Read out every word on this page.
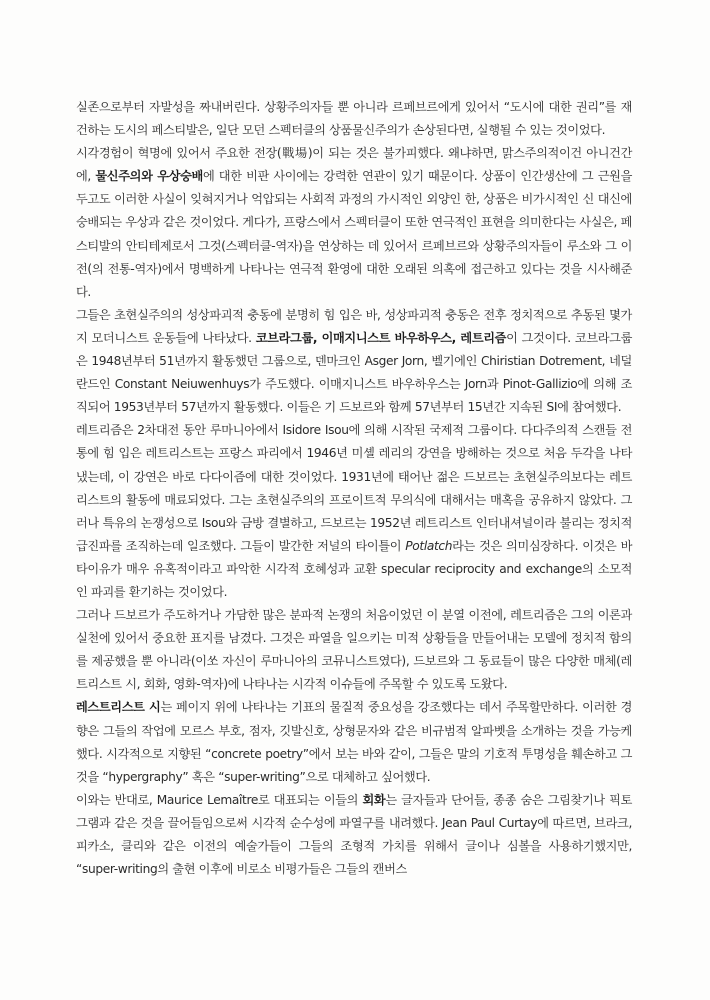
실존으로부터 자발성을 짜내버린다. 상황주의자들 뿐 아니라 르페브르에게 있어서 “도시에 대한 권리”를 재건하는 도시의 페스티발은, 일단 모던 스펙터클의 상품물신주의가 손상된다면, 실행될 수 있는 것이었다.

시각경험이 혁명에 있어서 주요한 전장(戰場)이 되는 것은 불가피했다. 왜냐하면, 맑스주의적이건 아니건간에, 물신주의와 우상숭배에 대한 비판 사이에는 강력한 연관이 있기 때문이다. 상품이 인간생산에 그 근원을 두고도 이러한 사실이 잊혀지거나 억압되는 사회적 과정의 가시적인 외양인 한, 상품은 비가시적인 신 대신에 숭배되는 우상과 같은 것이었다. 게다가, 프랑스에서 스펙터클이 또한 연극적인 표현을 의미한다는 사실은, 페스티발의 안티테제로서 그것(스펙터클-역자)을 연상하는 데 있어서 르페브르와 상황주의자들이 루소와 그 이전(의 전통-역자)에서 명백하게 나타나는 연극적 환영에 대한 오래된 의혹에 접근하고 있다는 것을 시사해준다.

그들은 초현실주의의 성상파괴적 충동에 분명히 힘 입은 바, 성상파괴적 충동은 전후 정치적으로 추동된 몇가지 모더니스트 운동들에 나타났다. 코브라그룹, 이매지니스트 바우하우스, 레트리즘이 그것이다. 코브라그룹은 1948년부터 51년까지 활동했던 그룹으로, 덴마크인 Asger Jorn, 벨기에인 Chiristian Dotrement, 네덜란드인 Constant Neiuwenhuys가 주도했다. 이매지니스트 바우하우스는 Jorn과 Pinot-Gallizio에 의해 조직되어 1953년부터 57년까지 활동했다. 이들은 기 드보르와 함께 57년부터 15년간 지속된 SI에 참여했다.

레트리즘은 2차대전 동안 루마니아에서 Isidore Isou에 의해 시작된 국제적 그룹이다. 다다주의적 스캔들 전통에 힘 입은 레트리스트는 프랑스 파리에서 1946년 미셸 레리의 강연을 방해하는 것으로 처음 두각을 나타냈는데, 이 강연은 바로 다다이즘에 대한 것이었다. 1931년에 태어난 젊은 드보르는 초현실주의보다는 레트리스트의 활동에 매료되었다. 그는 초현실주의의 프로이트적 무의식에 대해서는 매혹을 공유하지 않았다. 그러나 특유의 논쟁성으로 Isou와 금방 결별하고, 드보르는 1952년 레트리스트 인터내셔널이라 불리는 정치적 급진파를 조직하는데 일조했다. 그들이 발간한 저널의 타이틀이 Potlatch라는 것은 의미심장하다. 이것은 바타이유가 매우 유혹적이라고 파악한 시각적 호혜성과 교환 specular reciprocity and exchange의 소모적인 파괴를 환기하는 것이었다.

그러나 드보르가 주도하거나 가담한 많은 분파적 논쟁의 처음이었던 이 분열 이전에, 레트리즘은 그의 이론과 실천에 있어서 중요한 표지를 남겼다. 그것은 파열을 일으키는 미적 상황들을 만들어내는 모델에 정치적 함의를 제공했을 뿐 아니라(이쏘 자신이 루마니아의 코뮤니스트였다), 드보르와 그 동료들이 많은 다양한 매체(레트리스트 시, 회화, 영화-역자)에 나타나는 시각적 이슈들에 주목할 수 있도록 도왔다.

레스트리스트 시는 페이지 위에 나타나는 기표의 물질적 중요성을 강조했다는 데서 주목할만하다. 이러한 경향은 그들의 작업에 모르스 부호, 점자, 깃발신호, 상형문자와 같은 비규범적 알파벳을 소개하는 것을 가능케했다. 시각적으로 지향된 “concrete poetry”에서 보는 바와 같이, 그들은 말의 기호적 투명성을 훼손하고 그것을 “hypergraphy” 혹은 “super-writing”으로 대체하고 싶어했다.

이와는 반대로, Maurice Lemaître로 대표되는 이들의 회화는 글자들과 단어들, 종종 숨은 그림찾기나 픽토그램과 같은 것을 끌어들임으로써 시각적 순수성에 파열구를 내려했다. Jean Paul Curtay에 따르면, 브라크, 피카소, 클리와 같은 이전의 예술가들이 그들의 조형적 가치를 위해서 글이나 심볼을 사용하기했지만, “super-writing의 출현 이후에 비로소 비평가들은 그들의 캔버스
